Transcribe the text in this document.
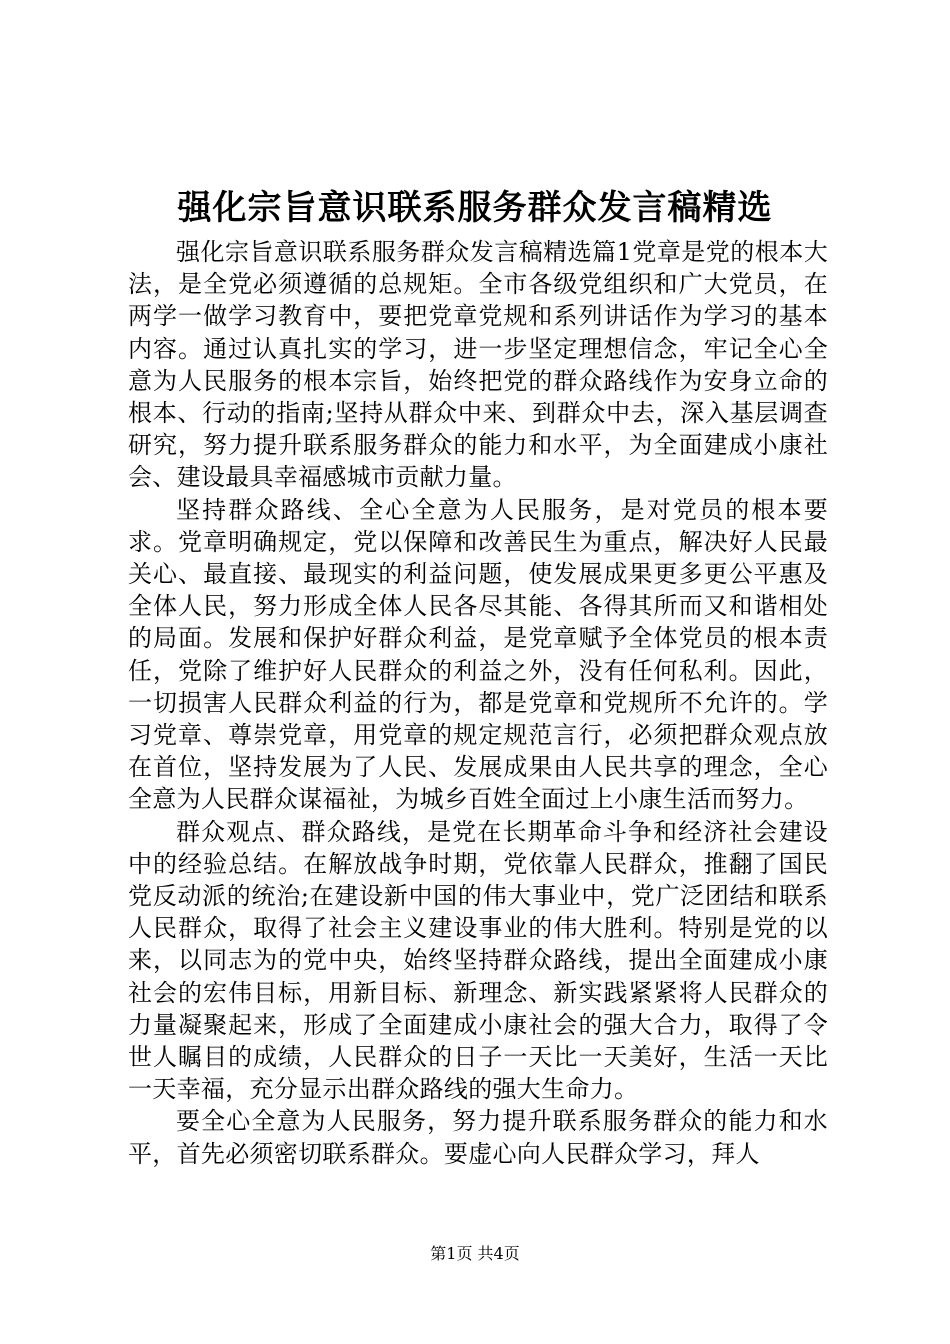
强化宗旨意识联系服务群众发言稿精选

强化宗旨意识联系服务群众发言稿精选篇1党章是党的根本大法，是全党必须遵循的总规矩。全市各级党组织和广大党员，在两学一做学习教育中，要把党章党规和系列讲话作为学习的基本内容。通过认真扎实的学习，进一步坚定理想信念，牢记全心全意为人民服务的根本宗旨，始终把党的群众路线作为安身立命的根本、行动的指南;坚持从群众中来、到群众中去，深入基层调查研究，努力提升联系服务群众的能力和水平，为全面建成小康社会、建设最具幸福感城市贡献力量。

坚持群众路线、全心全意为人民服务，是对党员的根本要求。党章明确规定，党以保障和改善民生为重点，解决好人民最关心、最直接、最现实的利益问题，使发展成果更多更公平惠及全体人民，努力形成全体人民各尽其能、各得其所而又和谐相处的局面。发展和保护好群众利益，是党章赋予全体党员的根本责任，党除了维护好人民群众的利益之外，没有任何私利。因此，一切损害人民群众利益的行为，都是党章和党规所不允许的。学习党章、尊崇党章，用党章的规定规范言行，必须把群众观点放在首位，坚持发展为了人民、发展成果由人民共享的理念，全心全意为人民群众谋福祉，为城乡百姓全面过上小康生活而努力。

群众观点、群众路线，是党在长期革命斗争和经济社会建设中的经验总结。在解放战争时期，党依靠人民群众，推翻了国民党反动派的统治;在建设新中国的伟大事业中，党广泛团结和联系人民群众，取得了社会主义建设事业的伟大胜利。特别是党的以来，以同志为的党中央，始终坚持群众路线，提出全面建成小康社会的宏伟目标，用新目标、新理念、新实践紧紧将人民群众的力量凝聚起来，形成了全面建成小康社会的强大合力，取得了令世人瞩目的成绩，人民群众的日子一天比一天美好，生活一天比一天幸福，充分显示出群众路线的强大生命力。

要全心全意为人民服务，努力提升联系服务群众的能力和水平，首先必须密切联系群众。要虚心向人民群众学习，拜人

第1页 共4页
